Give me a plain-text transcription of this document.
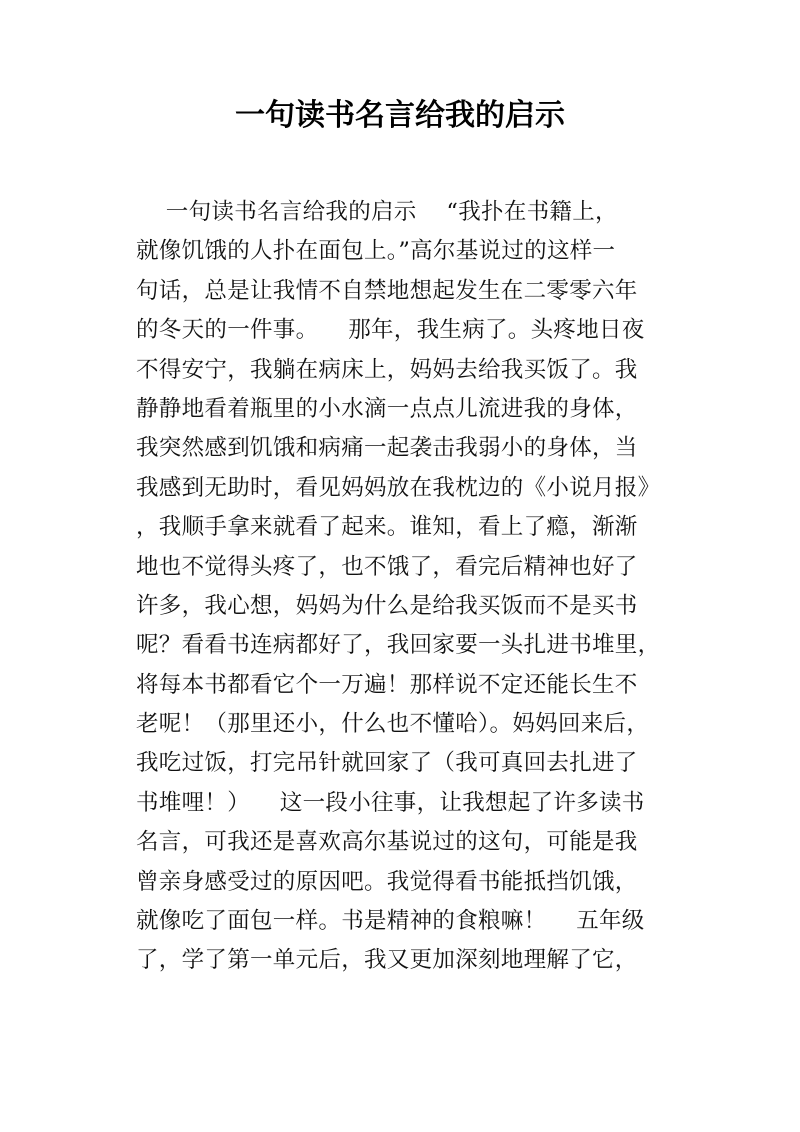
一句读书名言给我的启示
一句读书名言给我的启示    “我扑在书籍上，
就像饥饿的人扑在面包上。”高尔基说过的这样一
句话，总是让我情不自禁地想起发生在二零零六年
的冬天的一件事。    那年，我生病了。头疼地日夜
不得安宁，我躺在病床上，妈妈去给我买饭了。我
静静地看着瓶里的小水滴一点点儿流进我的身体，
我突然感到饥饿和病痛一起袭击我弱小的身体，当
我感到无助时，看见妈妈放在我枕边的《小说月报》
，我顺手拿来就看了起来。谁知，看上了瘾，渐渐
地也不觉得头疼了，也不饿了，看完后精神也好了
许多，我心想，妈妈为什么是给我买饭而不是买书
呢？看看书连病都好了，我回家要一头扎进书堆里，
将每本书都看它个一万遍！那样说不定还能长生不
老呢！（那里还小，什么也不懂哈）。妈妈回来后，
我吃过饭，打完吊针就回家了（我可真回去扎进了
书堆哩！）    这一段小往事，让我想起了许多读书
名言，可我还是喜欢高尔基说过的这句，可能是我
曾亲身感受过的原因吧。我觉得看书能抵挡饥饿，
就像吃了面包一样。书是精神的食粮嘛！    五年级
了，学了第一单元后，我又更加深刻地理解了它，
